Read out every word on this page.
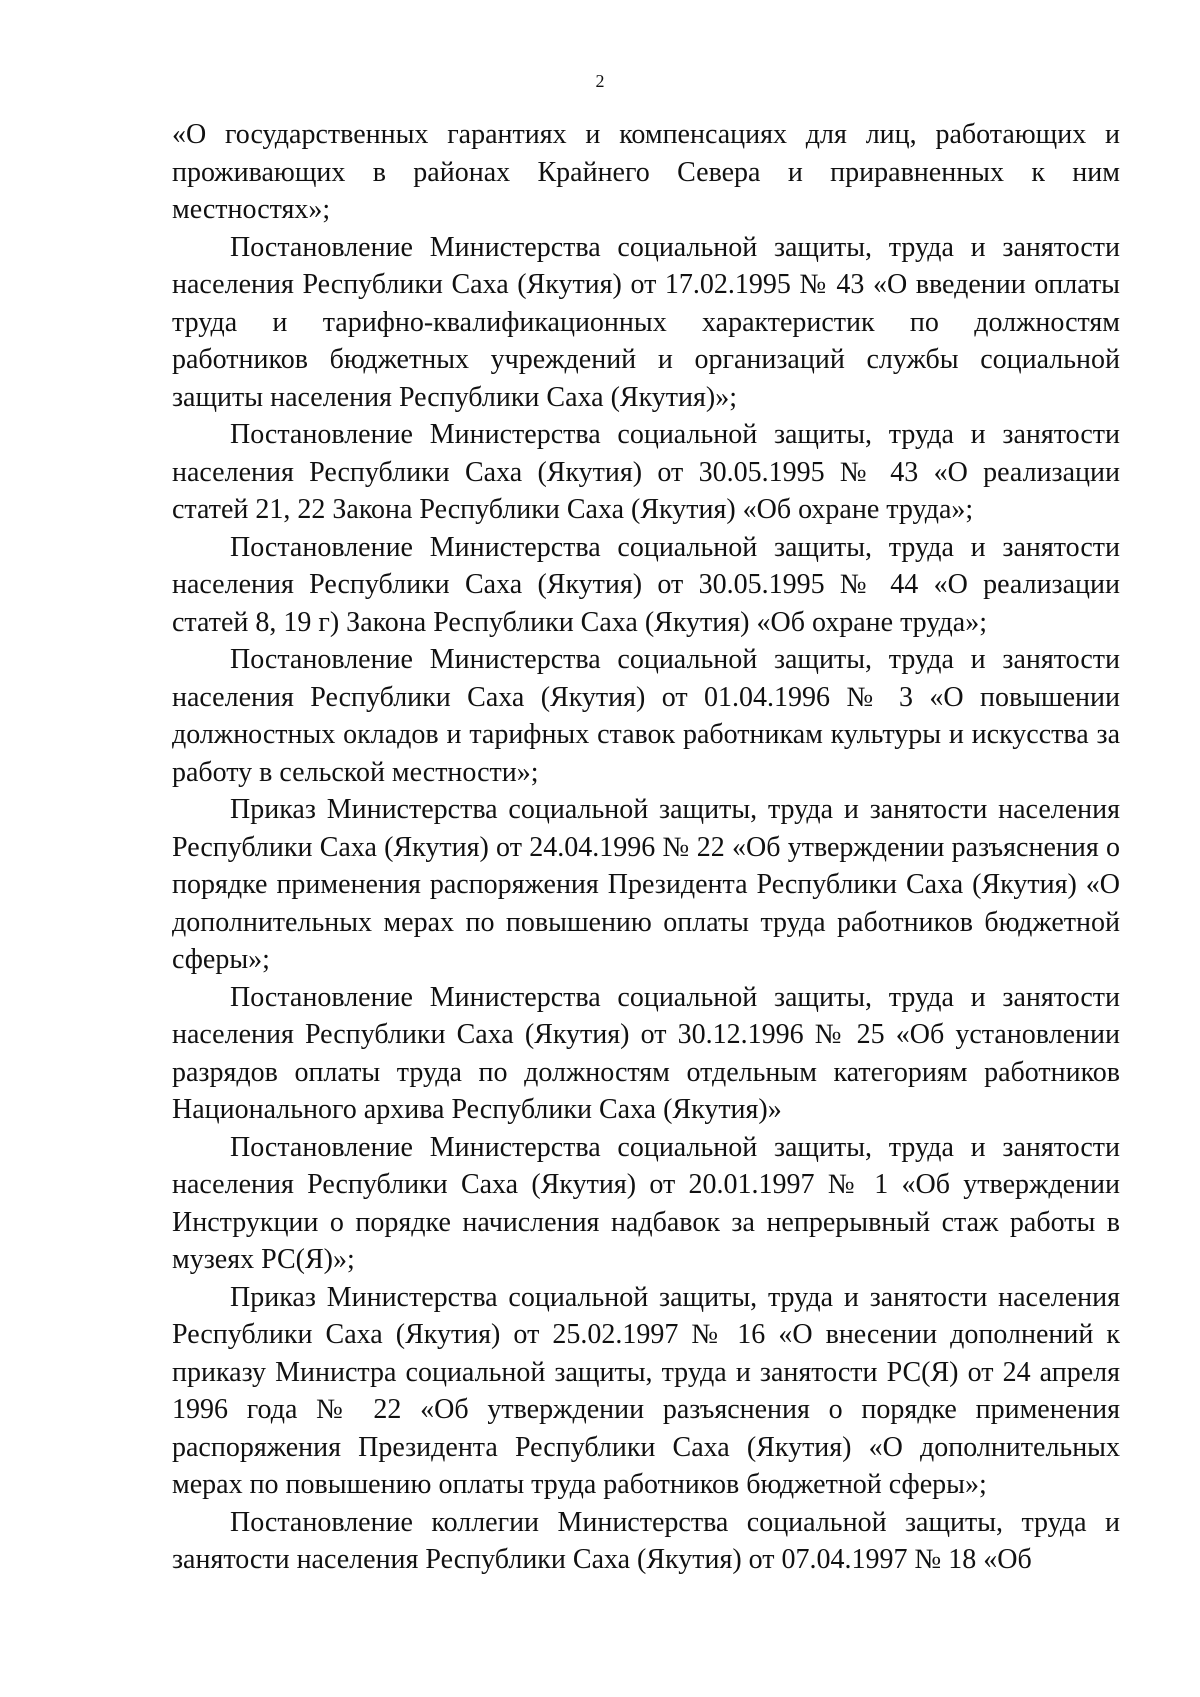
2

«О государственных гарантиях и компенсациях для лиц, работающих и проживающих в районах Крайнего Севера и приравненных к ним местностях»;

Постановление Министерства социальной защиты, труда и занятости населения Республики Саха (Якутия) от 17.02.1995 № 43 «О введении оплаты труда и тарифно-квалификационных характеристик по должностям работников бюджетных учреждений и организаций службы социальной защиты населения Республики Саха (Якутия)»;

Постановление Министерства социальной защиты, труда и занятости населения Республики Саха (Якутия) от 30.05.1995 № 43 «О реализации статей 21, 22 Закона Республики Саха (Якутия) «Об охране труда»;

Постановление Министерства социальной защиты, труда и занятости населения Республики Саха (Якутия) от 30.05.1995 № 44 «О реализации статей 8, 19 г) Закона Республики Саха (Якутия) «Об охране труда»;

Постановление Министерства социальной защиты, труда и занятости населения Республики Саха (Якутия) от 01.04.1996 № 3 «О повышении должностных окладов и тарифных ставок работникам культуры и искусства за работу в сельской местности»;

Приказ Министерства социальной защиты, труда и занятости населения Республики Саха (Якутия) от 24.04.1996 № 22 «Об утверждении разъяснения о порядке применения распоряжения Президента Республики Саха (Якутия) «О дополнительных мерах по повышению оплаты труда работников бюджетной сферы»;

Постановление Министерства социальной защиты, труда и занятости населения Республики Саха (Якутия) от 30.12.1996 № 25 «Об установлении разрядов оплаты труда по должностям отдельным категориям работников Национального архива Республики Саха (Якутия)»

Постановление Министерства социальной защиты, труда и занятости населения Республики Саха (Якутия) от 20.01.1997 № 1 «Об утверждении Инструкции о порядке начисления надбавок за непрерывный стаж работы в музеях РС(Я)»;

Приказ Министерства социальной защиты, труда и занятости населения Республики Саха (Якутия) от 25.02.1997 № 16 «О внесении дополнений к приказу Министра социальной защиты, труда и занятости РС(Я) от 24 апреля 1996 года № 22 «Об утверждении разъяснения о порядке применения распоряжения Президента Республики Саха (Якутия) «О дополнительных мерах по повышению оплаты труда работников бюджетной сферы»;

Постановление коллегии Министерства социальной защиты, труда и занятости населения Республики Саха (Якутия) от 07.04.1997 № 18 «Об
